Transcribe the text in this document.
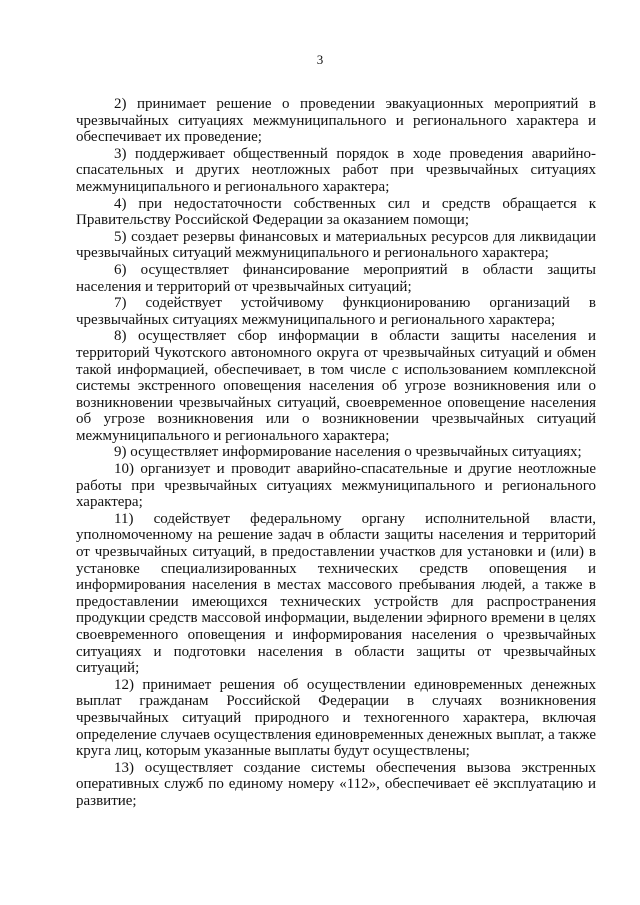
3

2) принимает решение о проведении эвакуационных мероприятий в чрезвычайных ситуациях межмуниципального и регионального характера и обеспечивает их проведение;

3) поддерживает общественный порядок в ходе проведения аварийно-спасательных и других неотложных работ при чрезвычайных ситуациях межмуниципального и регионального характера;

4) при недостаточности собственных сил и средств обращается к Правительству Российской Федерации за оказанием помощи;

5) создает резервы финансовых и материальных ресурсов для ликвидации чрезвычайных ситуаций межмуниципального и регионального характера;

6) осуществляет финансирование мероприятий в области защиты населения и территорий от чрезвычайных ситуаций;

7) содействует устойчивому функционированию организаций в чрезвычайных ситуациях межмуниципального и регионального характера;

8) осуществляет сбор информации в области защиты населения и территорий Чукотского автономного округа от чрезвычайных ситуаций и обмен такой информацией, обеспечивает, в том числе с использованием комплексной системы экстренного оповещения населения об угрозе возникновения или о возникновении чрезвычайных ситуаций, своевременное оповещение населения об угрозе возникновения или о возникновении чрезвычайных ситуаций межмуниципального и регионального характера;

9) осуществляет информирование населения о чрезвычайных ситуациях;

10) организует и проводит аварийно-спасательные и другие неотложные работы при чрезвычайных ситуациях межмуниципального и регионального характера;

11) содействует федеральному органу исполнительной власти, уполномоченному на решение задач в области защиты населения и территорий от чрезвычайных ситуаций, в предоставлении участков для установки и (или) в установке специализированных технических средств оповещения и информирования населения в местах массового пребывания людей, а также в предоставлении имеющихся технических устройств для распространения продукции средств массовой информации, выделении эфирного времени в целях своевременного оповещения и информирования населения о чрезвычайных ситуациях и подготовки населения в области защиты от чрезвычайных ситуаций;

12) принимает решения об осуществлении единовременных денежных выплат гражданам Российской Федерации в случаях возникновения чрезвычайных ситуаций природного и техногенного характера, включая определение случаев осуществления единовременных денежных выплат, а также круга лиц, которым указанные выплаты будут осуществлены;

13) осуществляет создание системы обеспечения вызова экстренных оперативных служб по единому номеру «112», обеспечивает её эксплуатацию и развитие;
